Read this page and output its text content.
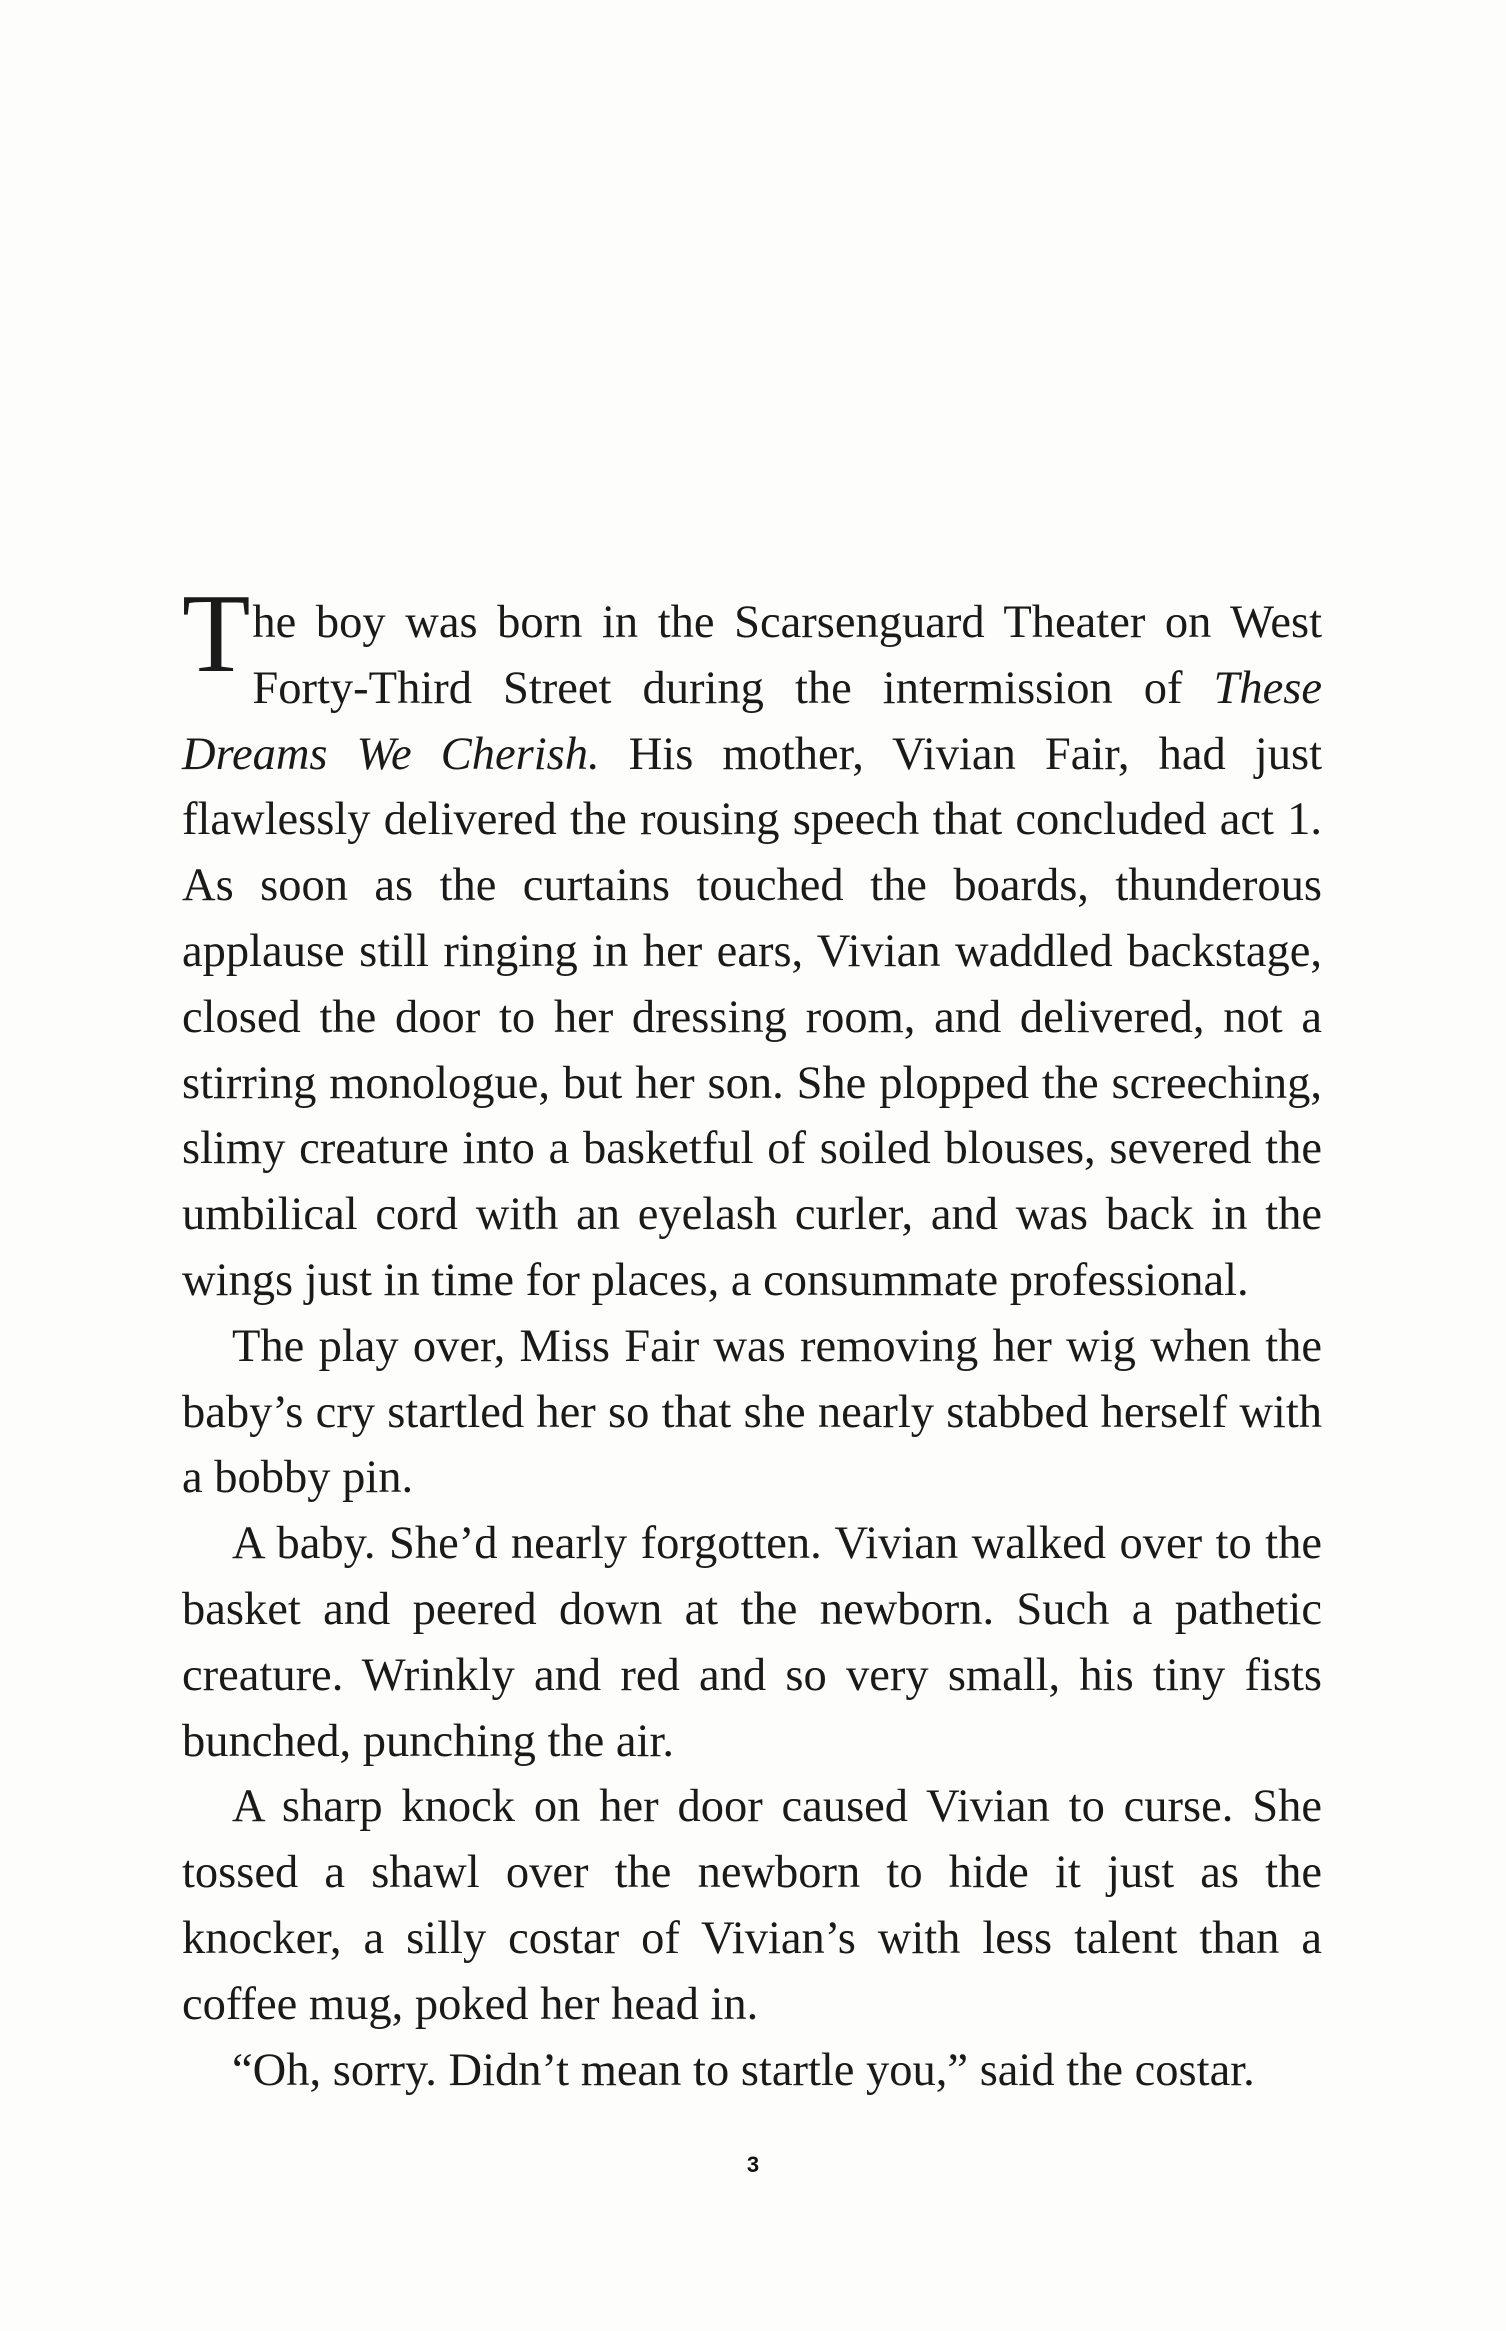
The boy was born in the Scarsenguard Theater on West Forty-Third Street during the intermission of These Dreams We Cherish. His mother, Vivian Fair, had just flawlessly delivered the rousing speech that concluded act 1. As soon as the curtains touched the boards, thunderous applause still ringing in her ears, Vivian waddled backstage, closed the door to her dressing room, and delivered, not a stirring monologue, but her son. She plopped the screeching, slimy creature into a basketful of soiled blouses, severed the umbilical cord with an eyelash curler, and was back in the wings just in time for places, a consummate professional.

The play over, Miss Fair was removing her wig when the baby’s cry startled her so that she nearly stabbed herself with a bobby pin.

A baby. She’d nearly forgotten. Vivian walked over to the basket and peered down at the newborn. Such a pathetic creature. Wrinkly and red and so very small, his tiny fists bunched, punching the air.

A sharp knock on her door caused Vivian to curse. She tossed a shawl over the newborn to hide it just as the knocker, a silly costar of Vivian’s with less talent than a coffee mug, poked her head in.

“Oh, sorry. Didn’t mean to startle you,” said the costar.

3
